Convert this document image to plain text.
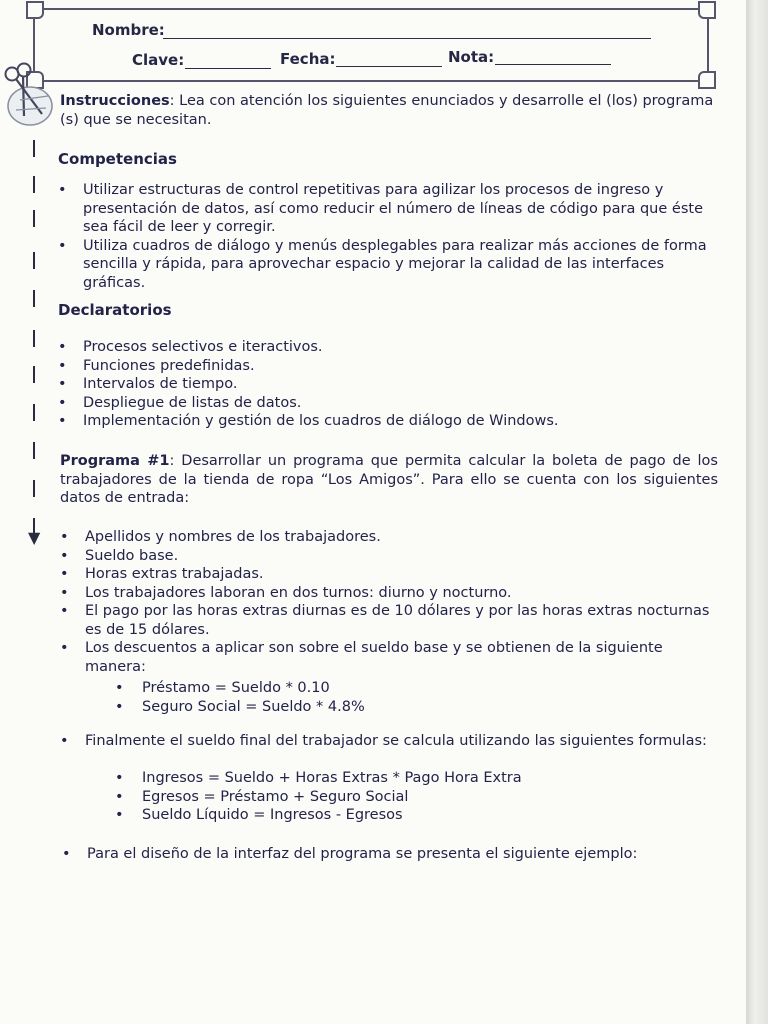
Nombre:
Clave:	Fecha:	Nota:
▼
Instrucciones: Lea con atención los siguientes enunciados y desarrolle el (los) programa (s) que se necesitan.
Competencias
• Utilizar estructuras de control repetitivas para agilizar los procesos de ingreso y presentación de datos, así como reducir el número de líneas de código para que éste sea fácil de leer y corregir.
• Utiliza cuadros de diálogo y menús desplegables para realizar más acciones de forma sencilla y rápida, para aprovechar espacio y mejorar la calidad de las interfaces gráficas.
Declaratorios
• Procesos selectivos e iteractivos.
• Funciones predefinidas.
• Intervalos de tiempo.
• Despliegue de listas de datos.
• Implementación y gestión de los cuadros de diálogo de Windows.
Programa #1: Desarrollar un programa que permita calcular la boleta de pago de los trabajadores de la tienda de ropa “Los Amigos”. Para ello se cuenta con los siguientes datos de entrada:
• Apellidos y nombres de los trabajadores.
• Sueldo base.
• Horas extras trabajadas.
• Los trabajadores laboran en dos turnos: diurno y nocturno.
• El pago por las horas extras diurnas es de 10 dólares y por las horas extras nocturnas es de 15 dólares.
• Los descuentos a aplicar son sobre el sueldo base y se obtienen de la siguiente manera:
• Préstamo = Sueldo * 0.10
• Seguro Social = Sueldo * 4.8%
• Finalmente el sueldo final del trabajador se calcula utilizando las siguientes formulas:
• Ingresos = Sueldo + Horas Extras * Pago Hora Extra
• Egresos = Préstamo + Seguro Social
• Sueldo Líquido = Ingresos - Egresos
• Para el diseño de la interfaz del programa se presenta el siguiente ejemplo:
